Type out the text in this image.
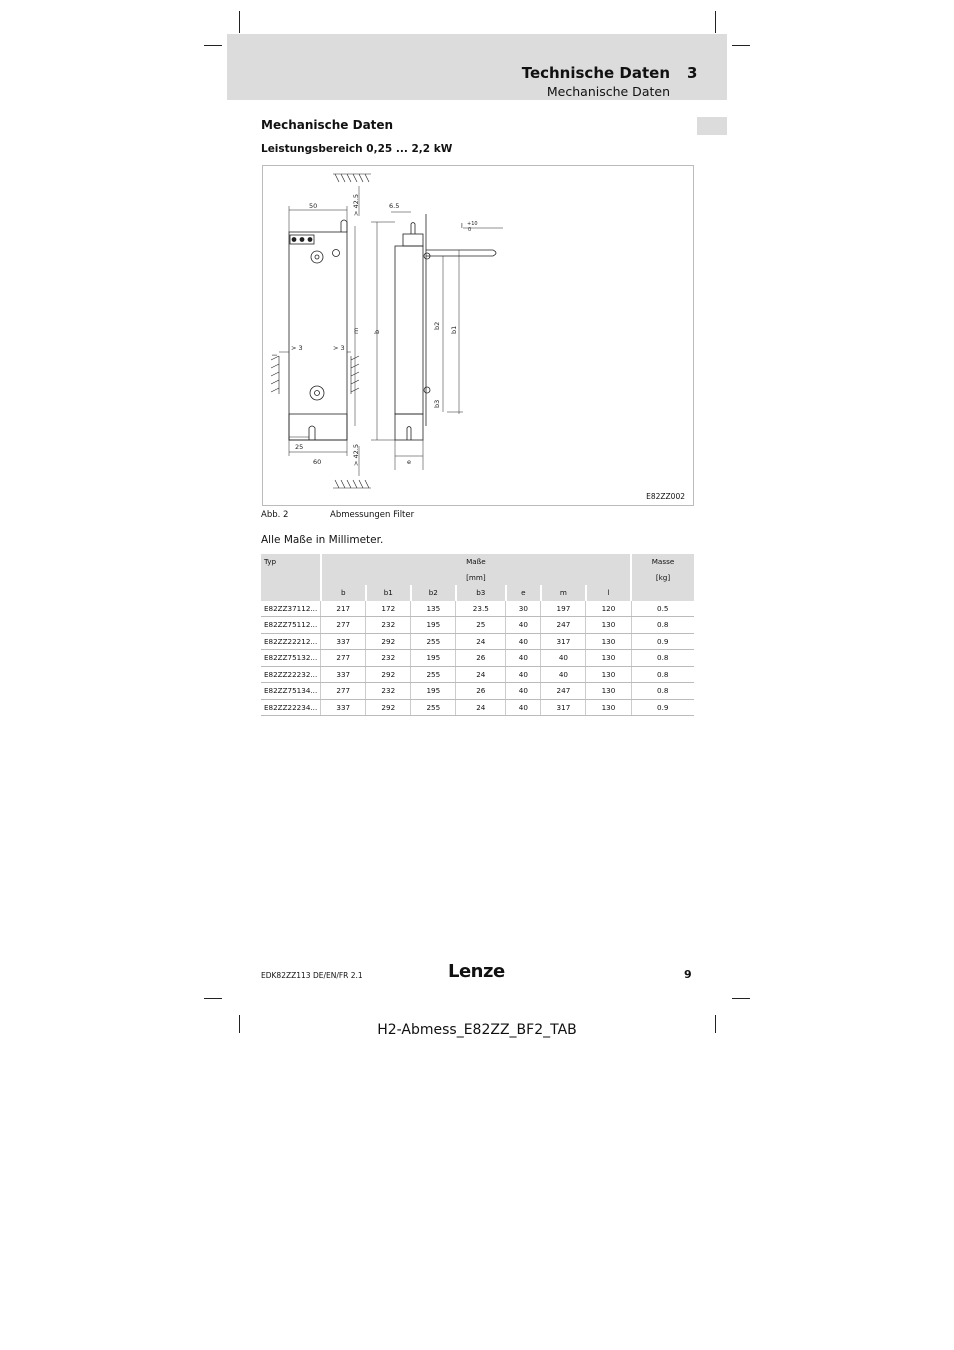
Technische Daten 3
Mechanische Daten
Mechanische Daten
Leistungsbereich 0,25 ... 2,2 kW
50	> 42.5	6.5
> 3	> 3
m b
b2 b1
b3
25
60	> 42.5	e
l
l +10
0
E82ZZ002
Abb. 2	Abmessungen Filter
Alle Maße in Millimeter.
Typ	Maße							Masse
	[mm]							[kg]
	b	b1	b2	b3	e	m	l	
E82ZZ37112...	217	172	135	23.5	30	197	120	0.5
E82ZZ75112...	277	232	195	25	40	247	130	0.8
E82ZZ22212...	337	292	255	24	40	317	130	0.9
E82ZZ75132...	277	232	195	26	40	40	130	0.8
E82ZZ22232...	337	292	255	24	40	40	130	0.8
E82ZZ75134...	277	232	195	26	40	247	130	0.8
E82ZZ22234...	337	292	255	24	40	317	130	0.9
EDK82ZZ113 DE/EN/FR 2.1	Lenze	9
H2-Abmess_E82ZZ_BF2_TAB
